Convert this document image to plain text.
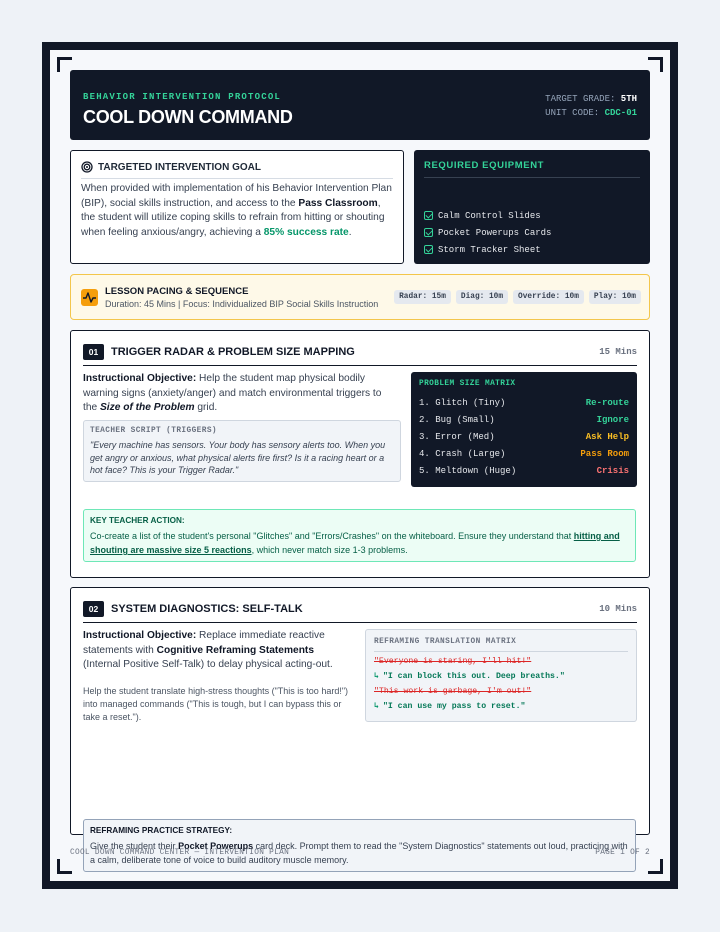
BEHAVIOR INTERVENTION PROTOCOL
COOL DOWN COMMAND
TARGET GRADE: 5TH
UNIT CODE: CDC-01
TARGETED INTERVENTION GOAL
When provided with implementation of his Behavior Intervention Plan (BIP), social skills instruction, and access to the Pass Classroom, the student will utilize coping skills to refrain from hitting or shouting when feeling anxious/angry, achieving a 85% success rate.
REQUIRED EQUIPMENT
Calm Control Slides
Pocket Powerups Cards
Storm Tracker Sheet
LESSON PACING & SEQUENCE
Duration: 45 Mins | Focus: Individualized BIP Social Skills Instruction
Radar: 15m	Diag: 10m	Override: 10m	Play: 10m
01	TRIGGER RADAR & PROBLEM SIZE MAPPING	15 Mins
Instructional Objective: Help the student map physical bodily warning signs (anxiety/anger) and match environmental triggers to the Size of the Problem grid.
TEACHER SCRIPT (TRIGGERS)
"Every machine has sensors. Your body has sensory alerts too. When you get angry or anxious, what physical alerts fire first? Is it a racing heart or a hot face? This is your Trigger Radar."
PROBLEM SIZE MATRIX
1. Glitch (Tiny)	Re-route
2. Bug (Small)	Ignore
3. Error (Med)	Ask Help
4. Crash (Large)	Pass Room
5. Meltdown (Huge)	Crisis
KEY TEACHER ACTION:
Co-create a list of the student's personal "Glitches" and "Errors/Crashes" on the whiteboard. Ensure they understand that hitting and shouting are massive size 5 reactions, which never match size 1-3 problems.
02	SYSTEM DIAGNOSTICS: SELF-TALK	10 Mins
Instructional Objective: Replace immediate reactive statements with Cognitive Reframing Statements (Internal Positive Self-Talk) to delay physical acting-out.
Help the student translate high-stress thoughts ("This is too hard!") into managed commands ("This is tough, but I can bypass this or take a reset.").
REFRAMING TRANSLATION MATRIX
"Everyone is staring, I'll hit!"
↳ "I can block this out. Deep breaths."
"This work is garbage, I'm out!"
↳ "I can use my pass to reset."
REFRAMING PRACTICE STRATEGY:
Give the student their Pocket Powerups card deck. Prompt them to read the "System Diagnostics" statements out loud, practicing with a calm, deliberate tone of voice to build auditory muscle memory.
COOL DOWN COMMAND CENTER — INTERVENTION PLAN	PAGE 1 OF 2
